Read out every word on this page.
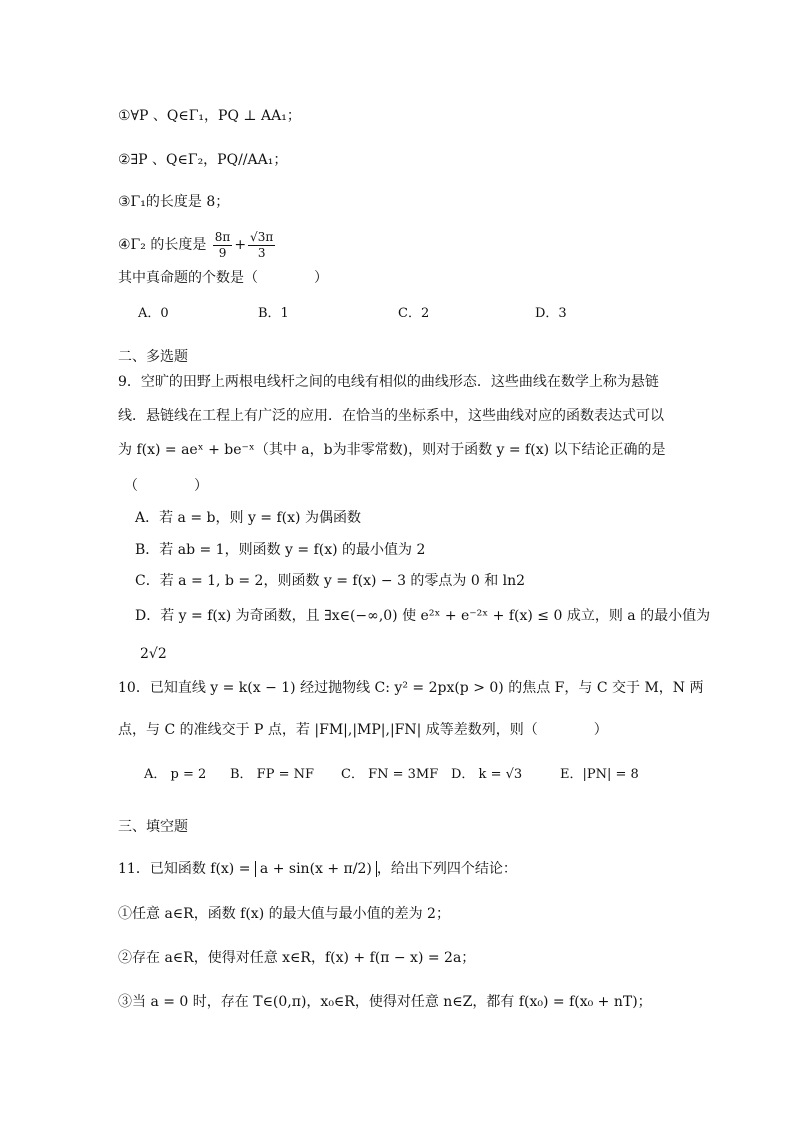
①∀P 、Q∈Γ₁，PQ ⊥ AA₁；
②∃P 、Q∈Γ₂，PQ//AA₁；
③Γ₁的长度是 8；
④Γ₂ 的长度是 $\frac{8\pi}{9} + \frac{√3\pi}{3}$
其中真命题的个数是（　　　　）
A．0	B．1	C．2	D．3
二、多选题
9．空旷的田野上两根电线杆之间的电线有相似的曲线形态．这些曲线在数学上称为悬链
线．悬链线在工程上有广泛的应用．在恰当的坐标系中，这些曲线对应的函数表达式可以
为 f(x) = aeˣ + be⁻ˣ（其中 a，b为非零常数)，则对于函数 y = f(x) 以下结论正确的是
（　　　　）
A．若 a = b，则 y = f(x) 为偶函数
B．若 ab = 1，则函数 y = f(x) 的最小值为 2
C．若 a = 1, b = 2，则函数 y = f(x) − 3 的零点为 0 和 ln2
D．若 y = f(x) 为奇函数，且 ∃x∈(−∞,0) 使 e²ˣ + e⁻²ˣ + f(x) ≤ 0 成立，则 a 的最小值为
2√2
10．已知直线 y = k(x − 1) 经过抛物线 C: y² = 2px(p > 0) 的焦点 F，与 C 交于 M，N 两
点，与 C 的准线交于 P 点，若 |FM|,|MP|,|FN| 成等差数列，则（　　　　）
A． p = 2 B． FP = NF C． FN = 3MF D． k = √3	E．|PN| = 8
三、填空题
11．已知函数 f(x) = a + sin(x + π/2) ，给出下列四个结论：
①任意 a∈R，函数 f(x) 的最大值与最小值的差为 2；
②存在 a∈R，使得对任意 x∈R，f(x) + f(π − x) = 2a；
③当 a = 0 时，存在 T∈(0,π)，x₀∈R，使得对任意 n∈Z，都有 f(x₀) = f(x₀ + nT)；
